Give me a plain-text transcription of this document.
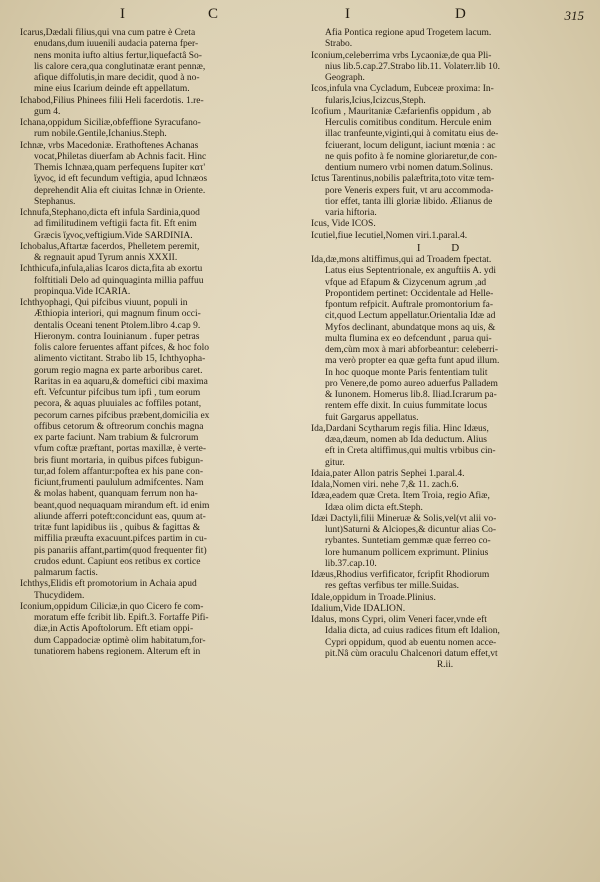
I	C	I	D	315
Icarus,Dædali filius,qui vna cum patre è Creta
enudans,dum iuuenili audacia paterna fper-
nens monita iufto altius fertur,liquefactâ So-
lis calore cera,qua conglutinatæ erant pennæ,
afique diffolutis,in mare decidit, quod à no-
mine eius Icarium deinde eft appellatum.
Ichabod,Filius Phinees filii Heli facerdotis. 1.re-
gum 4.
Ichana,oppidum Siciliæ,obfeffione Syracufano-
rum nobile.Gentile,Ichanius.Steph.
Ichnæ, vrbs Macedoniæ. Erathoftenes Achanas
vocat,Philetas diuerfam ab Achnis facit. Hinc
Themis Ichnæa,quam perfequens Iupiter κατ'
ἴχνος, id eft fecundum veftigia, apud Ichnæos
deprehendit Alia eft ciuitas Ichnæ in Oriente.
Stephanus.
Ichnufa,Stephano,dicta eft infula Sardinia,quod
ad fimilitudinem veftigii facta fit. Eft enim
Græcis ἴχνος,veftigium.Vide SARDINIA.
Ichobalus,Aftartæ facerdos, Phelletem peremit,
& regnauit apud Tyrum annis XXXII.
Ichthicufa,infula,alias Icaros dicta,fita ab exortu
folftitiali Delo ad quinquaginta millia paffuu
propinqua.Vide ICARIA.
Ichthyophagi, Qui pifcibus viuunt, populi in
Æthiopia interiori, qui magnum finum occi-
dentalis Oceani tenent Ptolem.libro 4.cap 9.
Hieronym. contra Iouinianum . fuper petras
folis calore feruentes affant pifces, & hoc folo
alimento victitant. Strabo lib 15, Ichthyopha-
gorum regio magna ex parte arboribus caret.
Raritas in ea aquaru,& domeftici cibi maxima
eft. Vefcuntur pifcibus tum ipfi , tum eorum
pecora, & aquas pluuiales ac foffiles potant,
pecorum carnes pifcibus præbent,domicilia ex
offibus cetorum & oftreorum conchis magna
ex parte faciunt. Nam trabium & fulcrorum
vfum coftæ præftant, portas maxillæ, è verte-
bris fiunt mortaria, in quibus pifces fubigun-
tur,ad folem affantur:poftea ex his pane con-
ficiunt,frumenti paululum admifcentes. Nam
& molas habent, quanquam ferrum non ha-
beant,quod nequaquam mirandum eft. id enim
aliunde afferri poteft:concidunt eas, quum at-
tritæ funt lapidibus iis , quibus & fagittas &
miffilia præufta exacuunt.pifces partim in cu-
pis panariis affant,partim(quod frequenter fit)
crudos edunt. Capiunt eos retibus ex cortice
palmarum factis.
Ichthys,Elidis eft promotorium in Achaia apud
Thucydidem.
Iconium,oppidum Ciliciæ,in quo Cicero fe com-
moratum effe fcribit lib. Epift.3. Fortaffe Pifi-
diæ,in Actis Apoftolorum. Eft etiam oppi-
dum Cappadociæ optimè olim habitatum,for-
tunatiorem habens regionem. Alterum eft in
Afia Pontica regione apud Trogetem lacum.
Strabo.
Iconium,celeberrima vrbs Lycaoniæ,de qua Pli-
nius lib.5.cap.27.Strabo lib.11. Volaterr.lib 10.
Geograph.
Icos,infula vna Cycladum, Eubceæ proxima: In-
fularis,Icius,Icizcus,Steph.
Icofium , Mauritaniæ Cæfarienfis oppidum , ab
Herculis comitibus conditum. Hercule enim
illac tranfeunte,viginti,qui à comitatu eius de-
fciuerant, locum deligunt, iaciunt mœnia : ac
ne quis pofito à fe nomine gloriaretur,de con-
dentium numero vrbi nomen datum.Solinus.
Ictus Tarentinus,nobilis palæftrita,toto vitæ tem-
pore Veneris expers fuit, vt aru accommoda-
tior effet, tanta illi gloriæ libido. Ælianus de
varia hiftoria.
Icus, Vide ICOS.
Icutiel,fiue Iecutiel,Nomen viri.1.paral.4.
I D
Ida,dæ,mons altiffimus,qui ad Troadem fpectat.
Latus eius Septentrionale, ex anguftiis A. ydi
vfque ad Efapum & Cizycenum agrum ,ad
Propontidem pertinet: Occidentale ad Helle-
fpontum refpicit. Auftrale promontorium fa-
cit,quod Lectum appellatur.Orientalia Idæ ad
Myfos declinant, abundatque mons aq uis, &
multa flumina ex eo defcendunt , parua qui-
dem,cùm mox à mari abforbeantur: celeberri-
ma verò propter ea quæ gefta funt apud illum.
In hoc quoque monte Paris fententiam tulit
pro Venere,de pomo aureo aduerfus Palladem
& Iunonem. Homerus lib.8. Iliad.Icrarum pa-
rentem effe dixit. In cuius fummitate locus
fuit Gargarus appellatus.
Ida,Dardani Scytharum regis filia. Hinc Idæus,
dæa,dæum, nomen ab Ida deductum. Alius
eft in Creta altiffimus,qui multis vrbibus cin-
gitur.
Idaia,pater Allon patris Sephei 1.paral.4.
Idala,Nomen viri. nehe 7,& 11. zach.6.
Idæa,eadem quæ Creta. Item Troia, regio Afiæ,
Idæa olim dicta eft.Steph.
Idæi Dactyli,filii Mineruæ & Solis,vel(vt alii vo-
lunt)Saturni & Alciopes,& dicuntur alias Co-
rybantes. Suntetiam gemmæ quæ ferreo co-
lore humanum pollicem exprimunt. Plinius
lib.37.cap.10.
Idæus,Rhodius verfificator, fcripfit Rhodiorum
res geftas verfibus ter mille.Suidas.
Idale,oppidum in Troade.Plinius.
Idalium,Vide IDALION.
Idalus, mons Cypri, olim Veneri facer,vnde eft
Idalia dicta, ad cuius radices fitum eft Idalion,
Cypri oppidum, quod ab euentu nomen acce-
pit.Nâ cùm oraculu Chalcenori datum effet,vt
R.ii.
